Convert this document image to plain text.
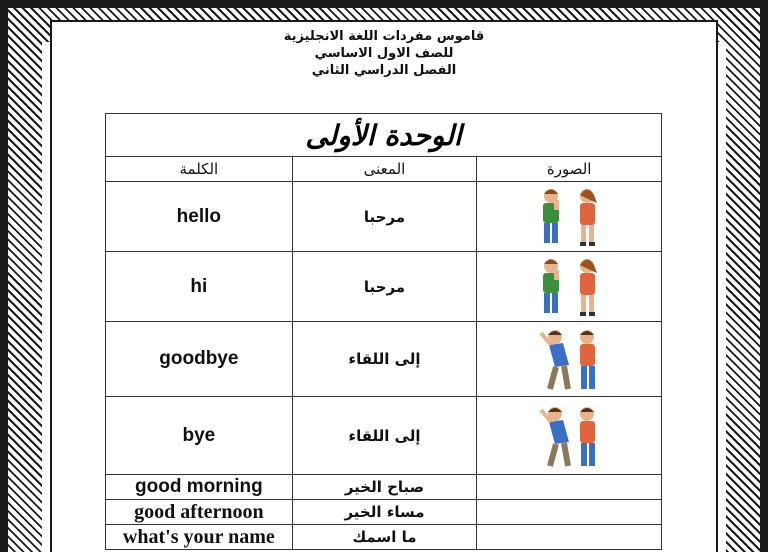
قاموس مفردات اللغة الانجليزية
للصف الاول الاساسي
الفصل الدراسي الثاني
الوحدة الأولى		
الكلمة	المعنى	الصورة
hello	مرحبا	

hi	مرحبا	

goodbye	إلى اللقاء	

bye	إلى اللقاء	

good morning	صباح الخير	
good afternoon	مساء الخير	
what's your name	ما اسمك	
